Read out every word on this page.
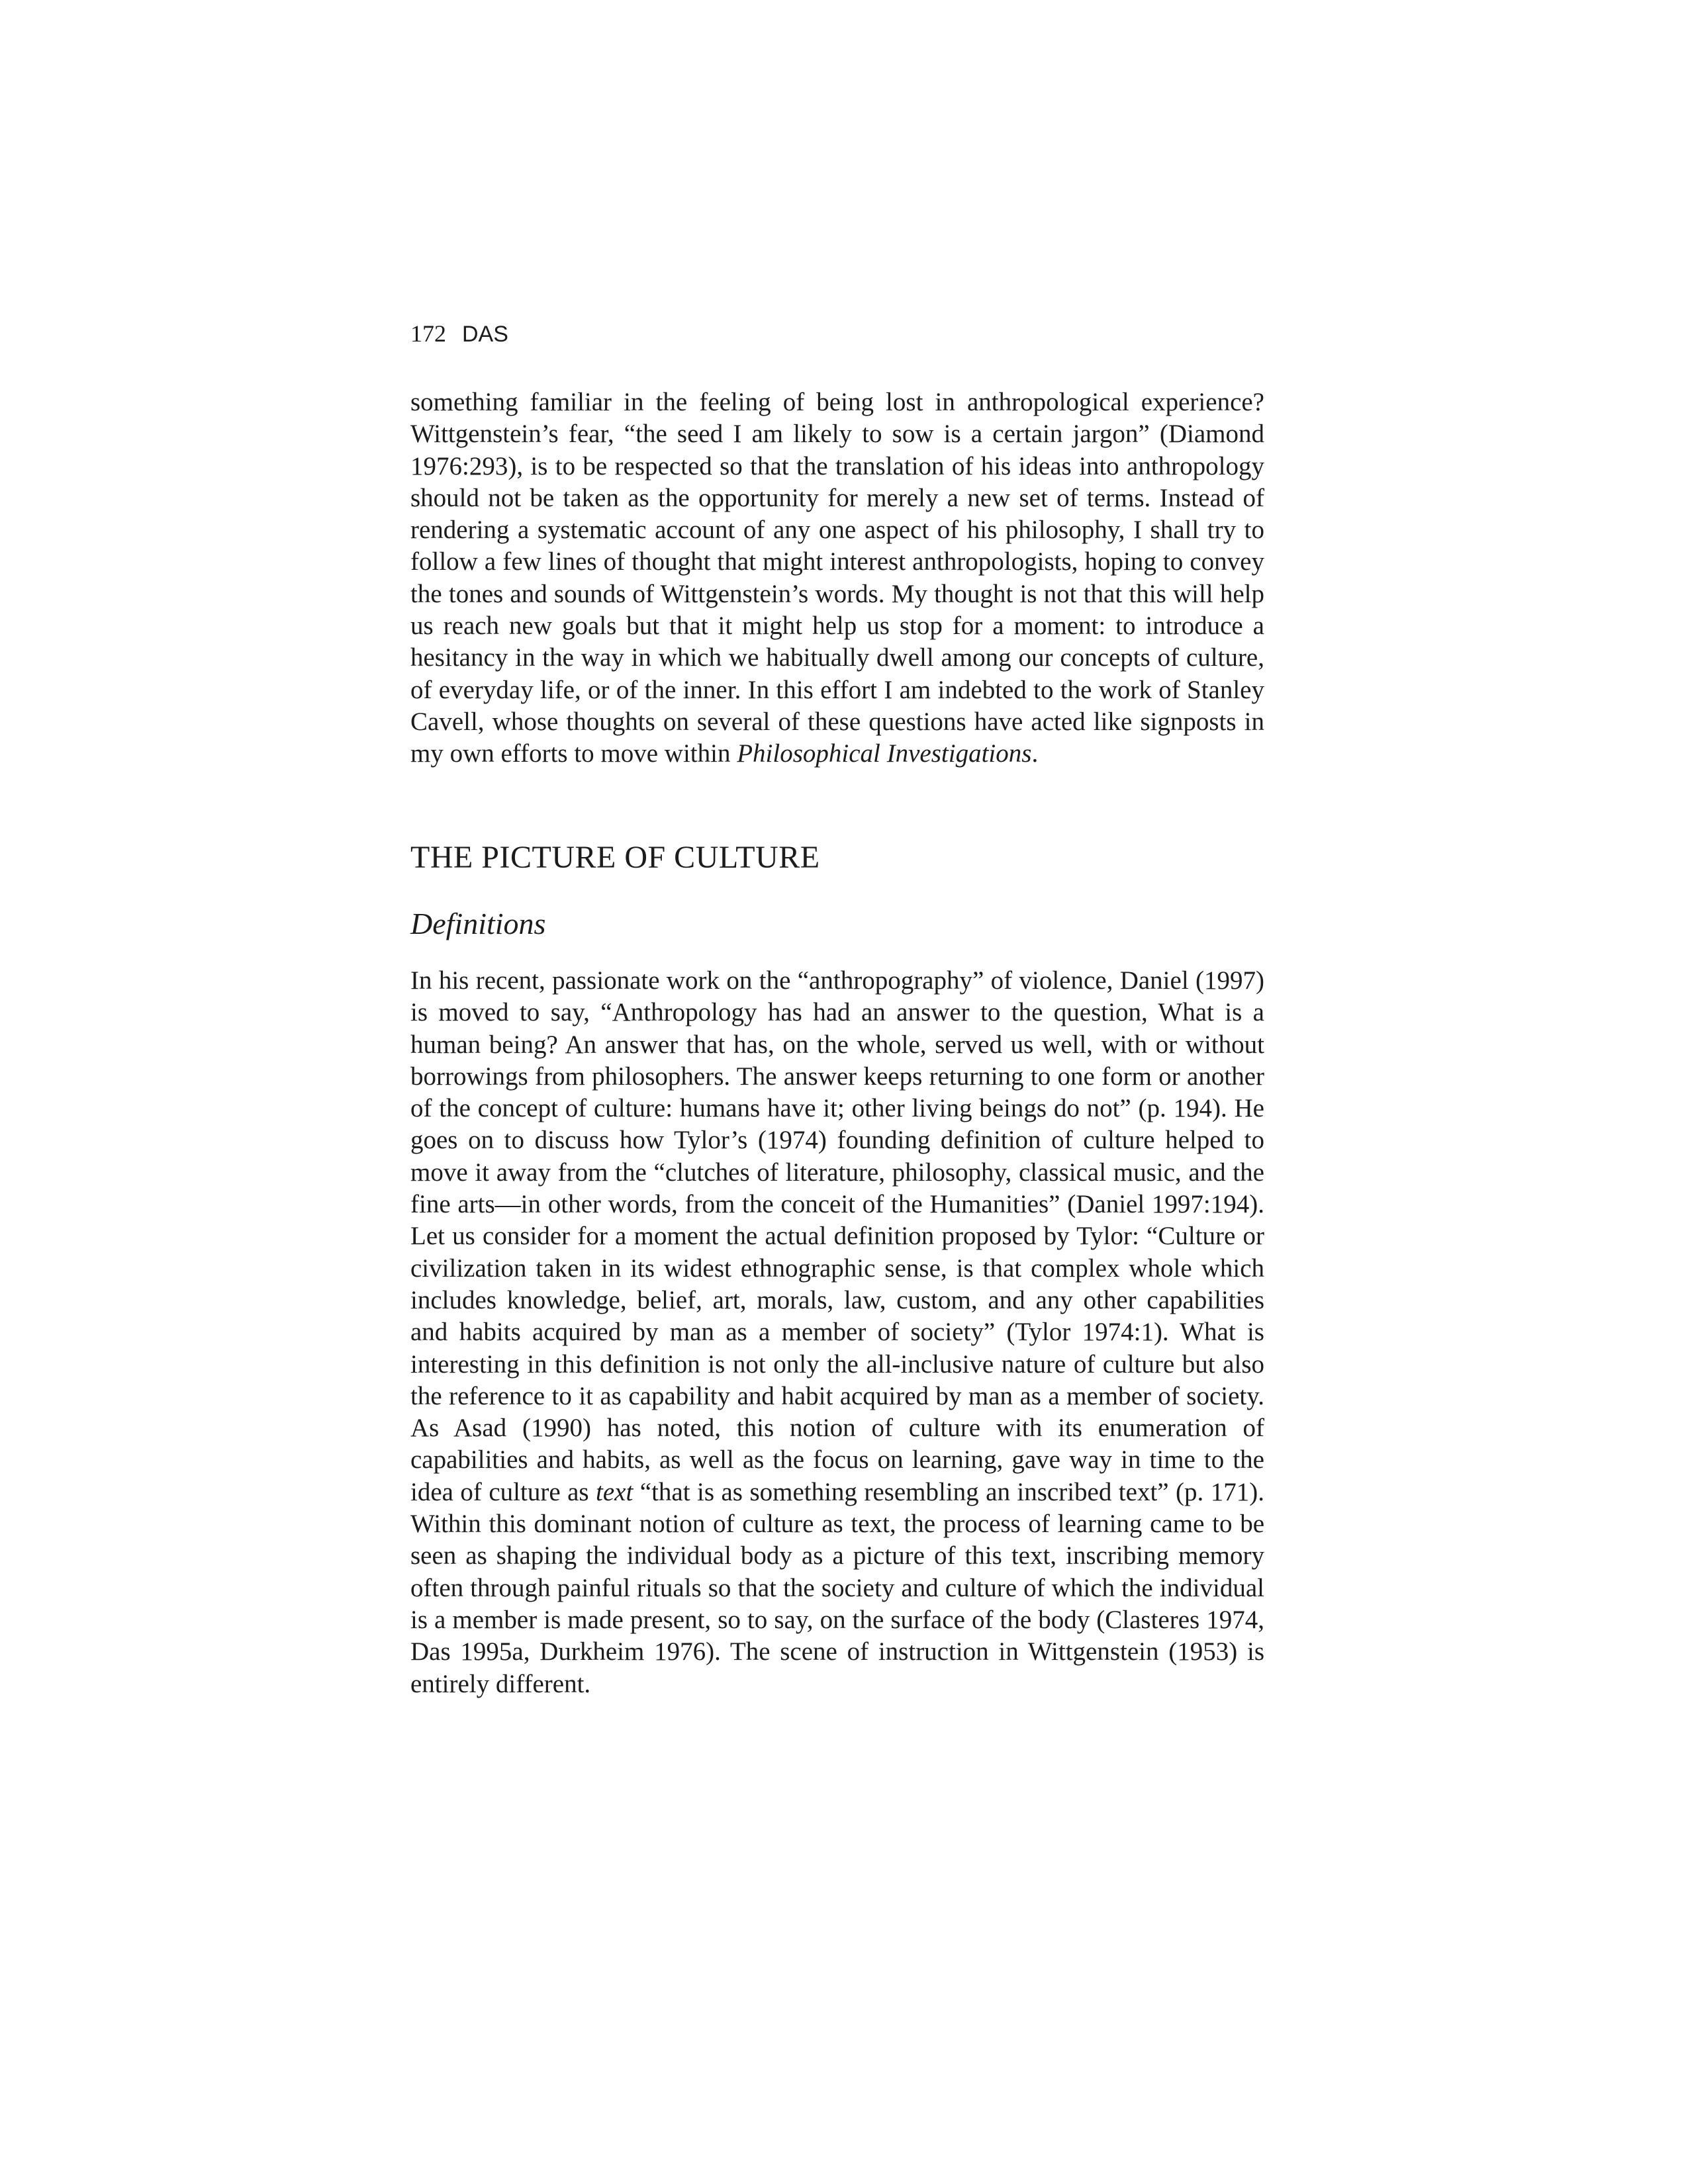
172 DAS

something familiar in the feeling of being lost in anthropological experience? Wittgenstein’s fear, “the seed I am likely to sow is a certain jargon” (Diamond 1976:293), is to be respected so that the translation of his ideas into anthropology should not be taken as the opportunity for merely a new set of terms. Instead of rendering a systematic account of any one aspect of his philosophy, I shall try to follow a few lines of thought that might interest anthropologists, hoping to convey the tones and sounds of Wittgenstein’s words. My thought is not that this will help us reach new goals but that it might help us stop for a moment: to introduce a hesitancy in the way in which we habitually dwell among our concepts of culture, of everyday life, or of the inner. In this effort I am indebted to the work of Stanley Cavell, whose thoughts on several of these questions have acted like signposts in my own efforts to move within Philosophical Investigations.

THE PICTURE OF CULTURE
Definitions

In his recent, passionate work on the “anthropography” of violence, Daniel (1997) is moved to say, “Anthropology has had an answer to the question, What is a human being? An answer that has, on the whole, served us well, with or without borrowings from philosophers. The answer keeps returning to one form or another of the concept of culture: humans have it; other living beings do not” (p. 194). He goes on to discuss how Tylor’s (1974) founding definition of culture helped to move it away from the “clutches of literature, philosophy, classical music, and the fine arts—in other words, from the conceit of the Humanities” (Daniel 1997:194). Let us consider for a moment the actual definition proposed by Tylor: “Culture or civilization taken in its widest ethnographic sense, is that complex whole which includes knowledge, belief, art, morals, law, custom, and any other capabilities and habits acquired by man as a member of society” (Tylor 1974:1). What is interesting in this definition is not only the all-inclusive nature of culture but also the reference to it as capability and habit acquired by man as a member of society. As Asad (1990) has noted, this notion of culture with its enumeration of capabilities and habits, as well as the focus on learning, gave way in time to the idea of culture as text “that is as something resembling an inscribed text” (p. 171). Within this dominant notion of culture as text, the process of learning came to be seen as shaping the individual body as a picture of this text, inscribing memory often through painful rituals so that the society and culture of which the individual is a member is made present, so to say, on the surface of the body (Clasteres 1974, Das 1995a, Durkheim 1976). The scene of instruction in Wittgenstein (1953) is entirely different.
